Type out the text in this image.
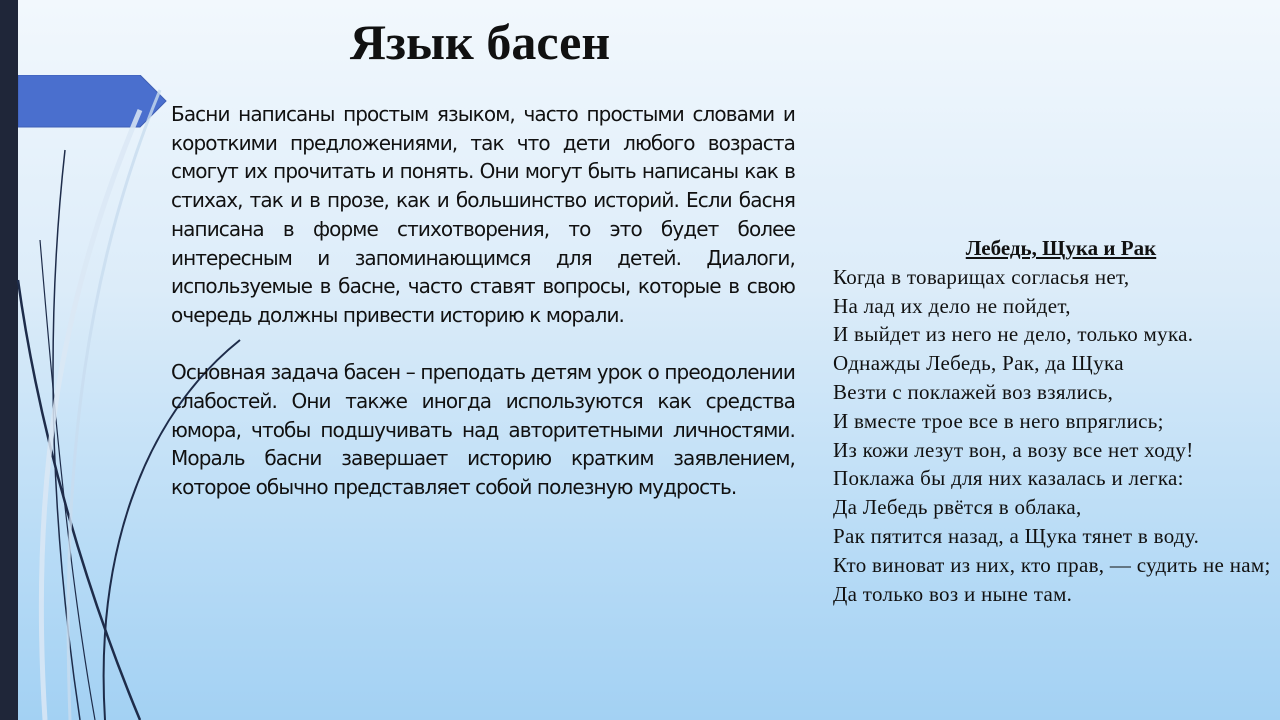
Язык басен

Басни написаны простым языком, часто простыми словами и короткими предложениями, так что дети любого возраста смогут их прочитать и понять. Они могут быть написаны как в стихах, так и в прозе, как и большинство историй. Если басня написана в форме стихотворения, то это будет более интересным и запоминающимся для детей. Диалоги, используемые в басне, часто ставят вопросы, которые в свою очередь должны привести историю к морали.

Основная задача басен – преподать детям урок о преодолении слабостей. Они также иногда используются как средства юмора, чтобы подшучивать над авторитетными личностями. Мораль басни завершает историю кратким заявлением, которое обычно представляет собой полезную мудрость.

Лебедь, Щука и Рак
Когда в товарищах согласья нет,
На лад их дело не пойдет,
И выйдет из него не дело, только мука.
Однажды Лебедь, Рак, да Щука
Везти с поклажей воз взялись,
И вместе трое все в него впряглись;
Из кожи лезут вон, а возу все нет ходу!
Поклажа бы для них казалась и легка:
Да Лебедь рвётся в облака,
Рак пятится назад, а Щука тянет в воду.
Кто виноват из них, кто прав, — судить не нам;
Да только воз и ныне там.
